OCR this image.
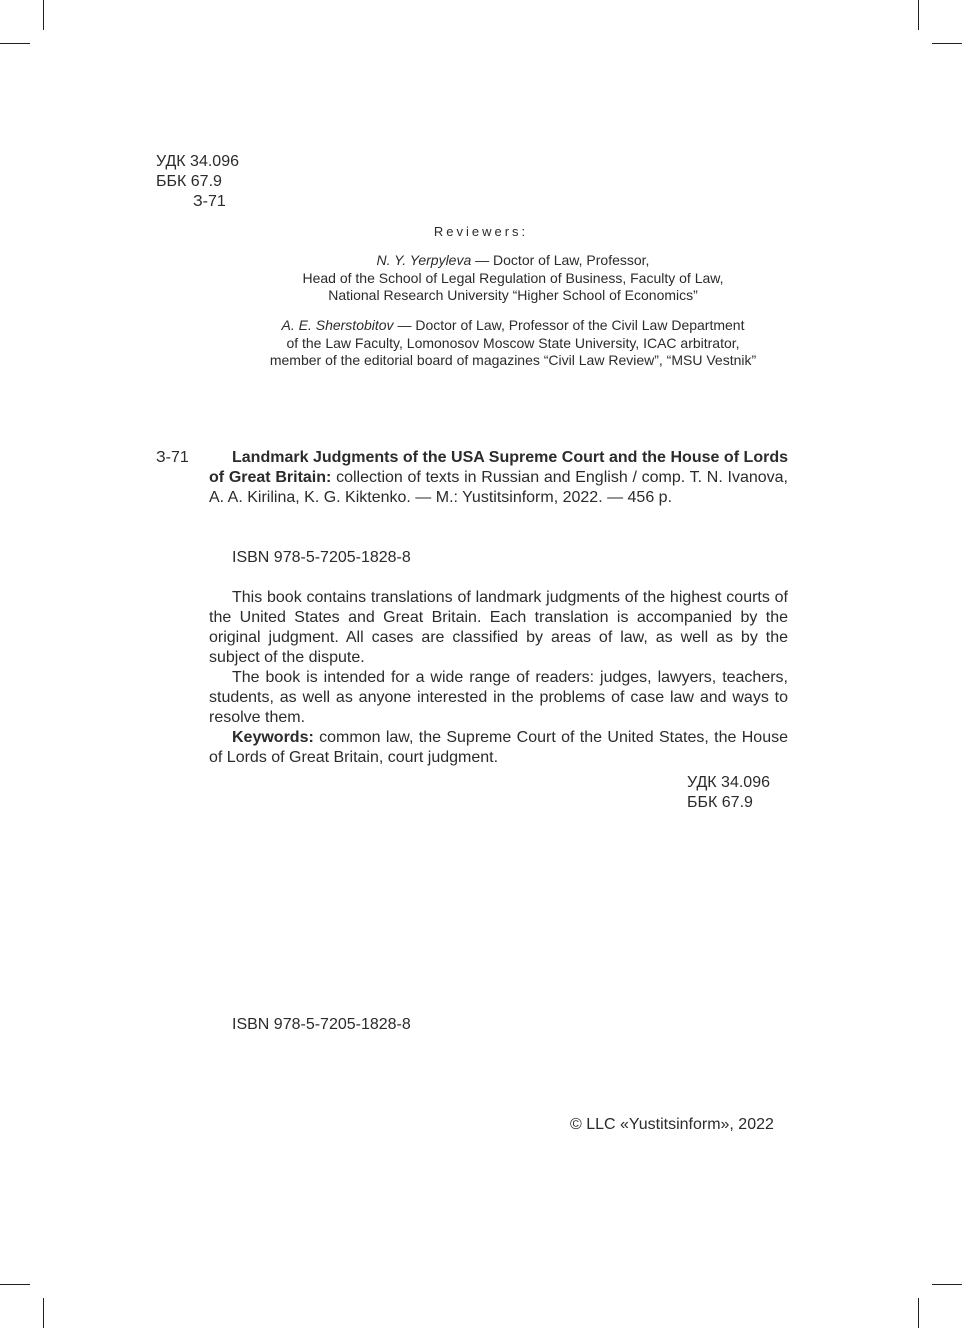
УДК 34.096
ББК 67.9
З-71
Reviewers:
N. Y. Yerpyleva — Doctor of Law, Professor,
Head of the School of Legal Regulation of Business, Faculty of Law,
National Research University “Higher School of Economics”
A. E. Sherstobitov — Doctor of Law, Professor of the Civil Law Department
of the Law Faculty, Lomonosov Moscow State University, ICAC arbitrator,
member of the editorial board of magazines “Civil Law Review”, “MSU Vestnik”
З-71	Landmark Judgments of the USA Supreme Court and the House of Lords of Great Britain: collection of texts in Russian and English / comp. T. N. Ivanova, A. A. Kirilina, K. G. Kiktenko. — M.: Yustitsinform, 2022. — 456 p.
ISBN 978-5-7205-1828-8

This book contains translations of landmark judgments of the highest courts of the United States and Great Britain. Each translation is accompanied by the original judgment. All cases are classified by areas of law, as well as by the subject of the dispute.

The book is intended for a wide range of readers: judges, lawyers, teachers, students, as well as anyone interested in the problems of case law and ways to resolve them.

Keywords: common law, the Supreme Court of the United States, the House of Lords of Great Britain, court judgment.

УДК 34.096
ББК 67.9
ISBN 978-5-7205-1828-8
© LLC «Yustitsinform», 2022
